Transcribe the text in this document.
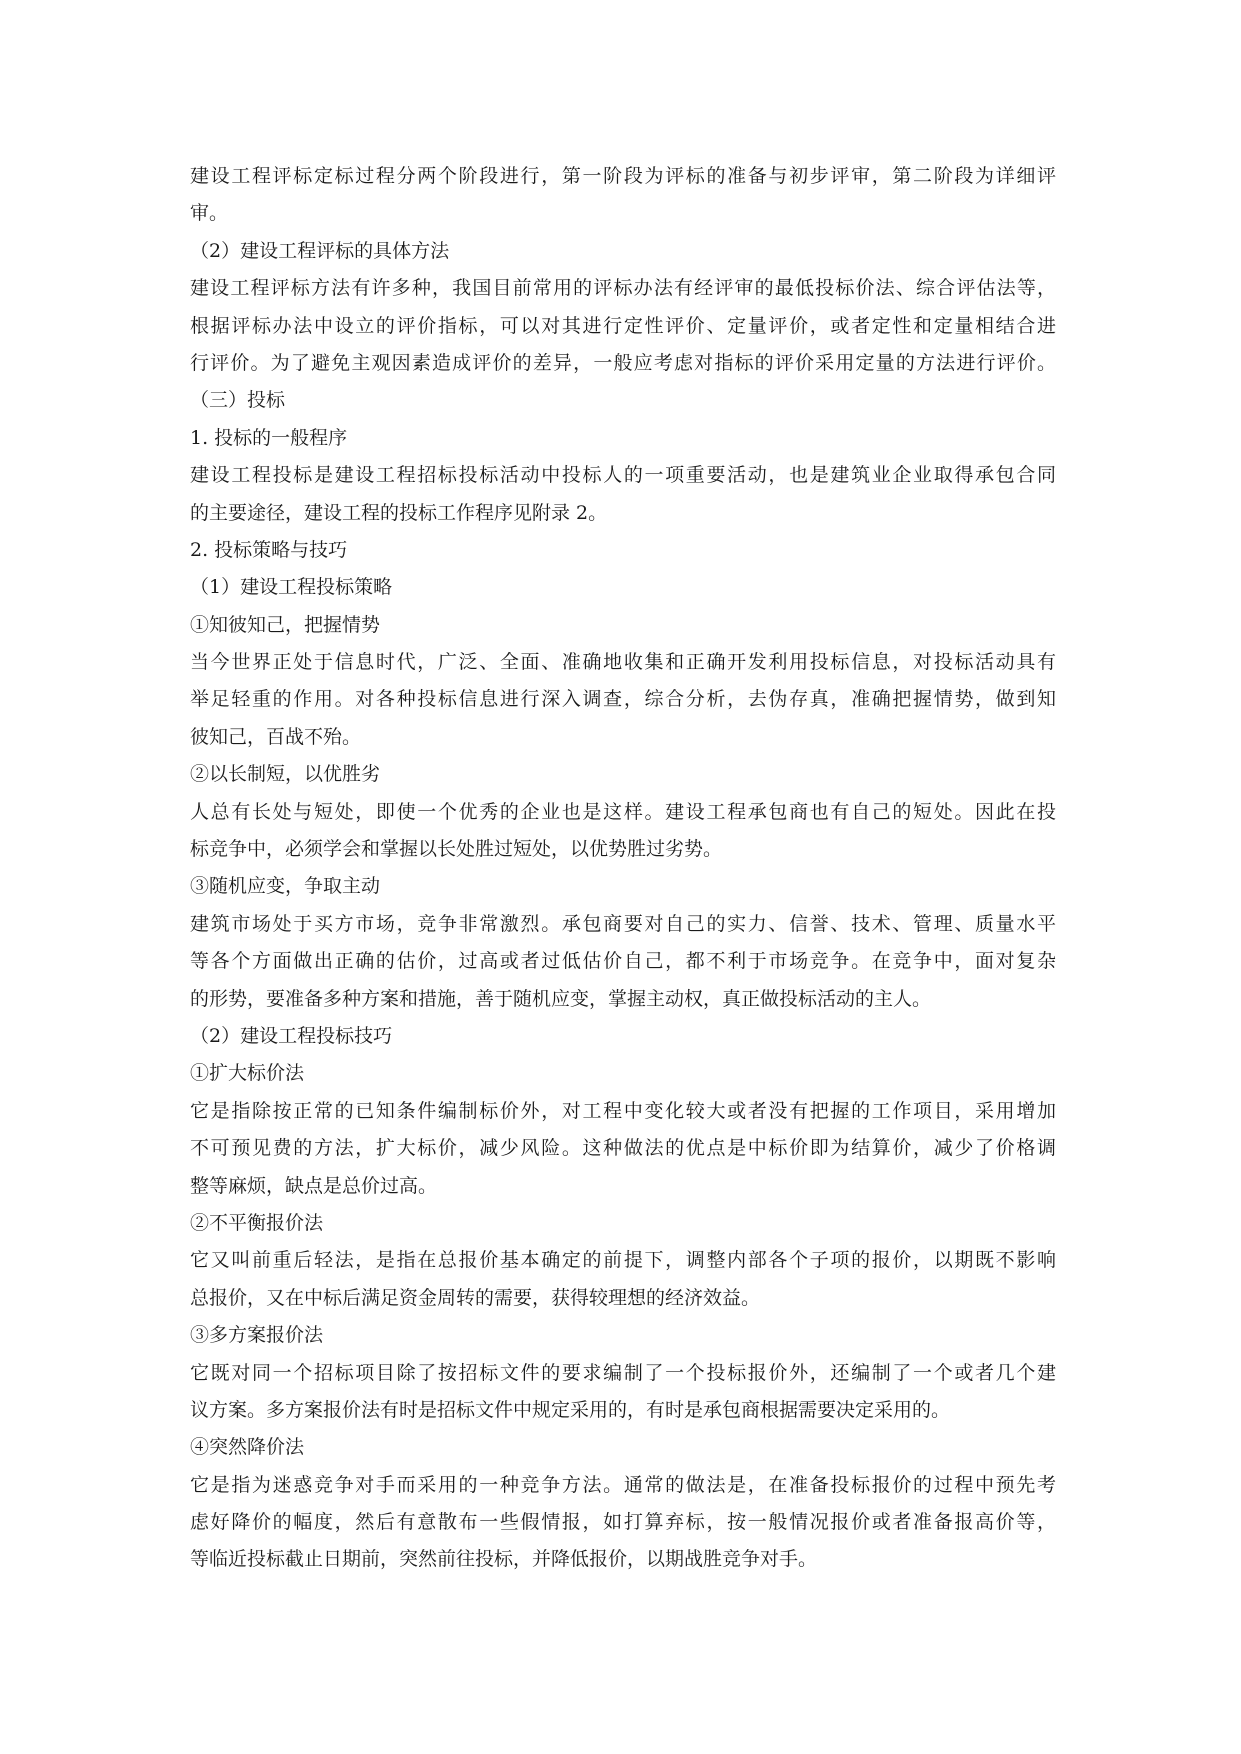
建设工程评标定标过程分两个阶段进行，第一阶段为评标的准备与初步评审，第二阶段为详细评
审。
（2）建设工程评标的具体方法
建设工程评标方法有许多种，我国目前常用的评标办法有经评审的最低投标价法、综合评估法等，
根据评标办法中设立的评价指标，可以对其进行定性评价、定量评价，或者定性和定量相结合进
行评价。为了避免主观因素造成评价的差异，一般应考虑对指标的评价采用定量的方法进行评价。
（三）投标
1. 投标的一般程序
建设工程投标是建设工程招标投标活动中投标人的一项重要活动，也是建筑业企业取得承包合同
的主要途径，建设工程的投标工作程序见附录 2。
2. 投标策略与技巧
（1）建设工程投标策略
①知彼知己，把握情势
当今世界正处于信息时代，广泛、全面、准确地收集和正确开发利用投标信息，对投标活动具有
举足轻重的作用。对各种投标信息进行深入调查，综合分析，去伪存真，准确把握情势，做到知
彼知己，百战不殆。
②以长制短，以优胜劣
人总有长处与短处，即使一个优秀的企业也是这样。建设工程承包商也有自己的短处。因此在投
标竞争中，必须学会和掌握以长处胜过短处，以优势胜过劣势。
③随机应变，争取主动
建筑市场处于买方市场，竞争非常激烈。承包商要对自己的实力、信誉、技术、管理、质量水平
等各个方面做出正确的估价，过高或者过低估价自己，都不利于市场竞争。在竞争中，面对复杂
的形势，要准备多种方案和措施，善于随机应变，掌握主动权，真正做投标活动的主人。
（2）建设工程投标技巧
①扩大标价法
它是指除按正常的已知条件编制标价外，对工程中变化较大或者没有把握的工作项目，采用增加
不可预见费的方法，扩大标价，减少风险。这种做法的优点是中标价即为结算价，减少了价格调
整等麻烦，缺点是总价过高。
②不平衡报价法
它又叫前重后轻法，是指在总报价基本确定的前提下，调整内部各个子项的报价，以期既不影响
总报价，又在中标后满足资金周转的需要，获得较理想的经济效益。
③多方案报价法
它既对同一个招标项目除了按招标文件的要求编制了一个投标报价外，还编制了一个或者几个建
议方案。多方案报价法有时是招标文件中规定采用的，有时是承包商根据需要决定采用的。
④突然降价法
它是指为迷惑竞争对手而采用的一种竞争方法。通常的做法是，在准备投标报价的过程中预先考
虑好降价的幅度，然后有意散布一些假情报，如打算弃标，按一般情况报价或者准备报高价等，
等临近投标截止日期前，突然前往投标，并降低报价，以期战胜竞争对手。
